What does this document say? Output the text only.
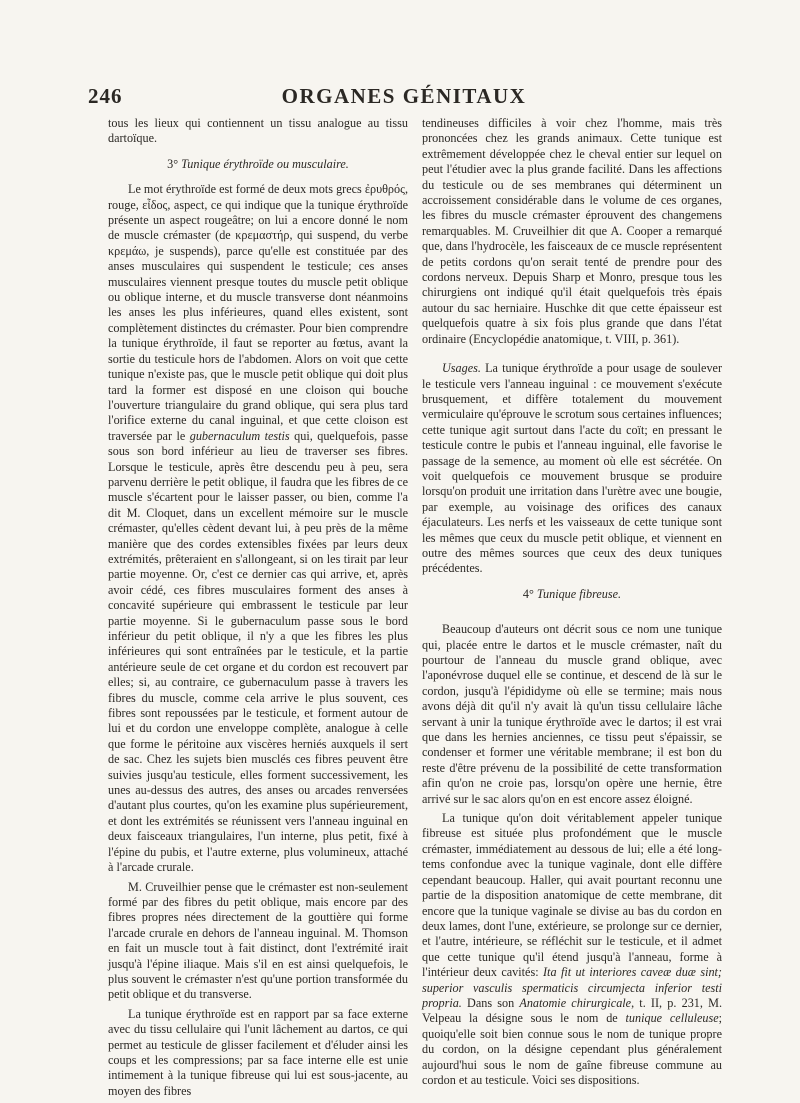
246	ORGANES GÉNITAUX

tous les lieux qui contiennent un tissu analogue au tissu dartoïque.

3° Tunique érythroïde ou musculaire.

Le mot érythroïde est formé de deux mots grecs ἐρυθρός, rouge, εἶδος, aspect, ce qui indique que la tunique érythroïde présente un aspect rougeâtre; on lui a encore donné le nom de muscle crémaster (de κρεμαστήρ, qui suspend, du verbe κρεμάω, je suspends), parce qu'elle est constituée par des anses musculaires qui suspendent le testicule; ces anses musculaires viennent presque toutes du muscle petit oblique ou oblique interne, et du muscle transverse dont néanmoins les anses les plus inférieures, quand elles existent, sont complètement distinctes du crémaster. Pour bien comprendre la tunique érythroïde, il faut se reporter au fœtus, avant la sortie du testicule hors de l'abdomen. Alors on voit que cette tunique n'existe pas, que le muscle petit oblique qui doit plus tard la former est disposé en une cloison qui bouche l'ouverture triangulaire du grand oblique, qui sera plus tard l'orifice externe du canal inguinal, et que cette cloison est traversée par le gubernaculum testis qui, quelquefois, passe sous son bord inférieur au lieu de traverser ses fibres. Lorsque le testicule, après être descendu peu à peu, sera parvenu derrière le petit oblique, il faudra que les fibres de ce muscle s'écartent pour le laisser passer, ou bien, comme l'a dit M. Cloquet, dans un excellent mémoire sur le muscle crémaster, qu'elles cèdent devant lui, à peu près de la même manière que des cordes extensibles fixées par leurs deux extrémités, prêteraient en s'allongeant, si on les tirait par leur partie moyenne. Or, c'est ce dernier cas qui arrive, et, après avoir cédé, ces fibres musculaires forment des anses à concavité supérieure qui embrassent le testicule par leur partie moyenne. Si le gubernaculum passe sous le bord inférieur du petit oblique, il n'y a que les fibres les plus inférieures qui sont entraînées par le testicule, et la partie antérieure seule de cet organe et du cordon est recouvert par elles; si, au contraire, ce gubernaculum passe à travers les fibres du muscle, comme cela arrive le plus souvent, ces fibres sont repoussées par le testicule, et forment autour de lui et du cordon une enveloppe complète, analogue à celle que forme le péritoine aux viscères herniés auxquels il sert de sac. Chez les sujets bien musclés ces fibres peuvent être suivies jusqu'au testicule, elles forment successivement, les unes au-dessus des autres, des anses ou arcades renversées d'autant plus courtes, qu'on les examine plus supérieurement, et dont les extrémités se réunissent vers l'anneau inguinal en deux faisceaux triangulaires, l'un interne, plus petit, fixé à l'épine du pubis, et l'autre externe, plus volumineux, attaché à l'arcade crurale.

M. Cruveilhier pense que le crémaster est non-seulement formé par des fibres du petit oblique, mais encore par des fibres propres nées directement de la gouttière qui forme l'arcade crurale en dehors de l'anneau inguinal. M. Thomson en fait un muscle tout à fait distinct, dont l'extrémité irait jusqu'à l'épine iliaque. Mais s'il en est ainsi quelquefois, le plus souvent le crémaster n'est qu'une portion transformée du petit oblique et du transverse.

La tunique érythroïde est en rapport par sa face externe avec du tissu cellulaire qui l'unit lâchement au dartos, ce qui permet au testicule de glisser facilement et d'éluder ainsi les coups et les compressions; par sa face interne elle est unie intimement à la tunique fibreuse qui lui est sous-jacente, au moyen des fibres

tendineuses difficiles à voir chez l'homme, mais très prononcées chez les grands animaux. Cette tunique est extrêmement développée chez le cheval entier sur lequel on peut l'étudier avec la plus grande facilité. Dans les affections du testicule ou de ses membranes qui déterminent un accroissement considérable dans le volume de ces organes, les fibres du muscle crémaster éprouvent des changemens remarquables. M. Cruveilhier dit que A. Cooper a remarqué que, dans l'hydrocèle, les faisceaux de ce muscle représentent de petits cordons qu'on serait tenté de prendre pour des cordons nerveux. Depuis Sharp et Monro, presque tous les chirurgiens ont indiqué qu'il était quelquefois très épais autour du sac herniaire. Huschke dit que cette épaisseur est quelquefois quatre à six fois plus grande que dans l'état ordinaire (Encyclopédie anatomique, t. VIII, p. 361).

Usages. La tunique érythroïde a pour usage de soulever le testicule vers l'anneau inguinal : ce mouvement s'exécute brusquement, et diffère totalement du mouvement vermiculaire qu'éprouve le scrotum sous certaines influences; cette tunique agit surtout dans l'acte du coït; en pressant le testicule contre le pubis et l'anneau inguinal, elle favorise le passage de la semence, au moment où elle est sécrétée. On voit quelquefois ce mouvement brusque se produire lorsqu'on produit une irritation dans l'urètre avec une bougie, par exemple, au voisinage des orifices des canaux éjaculateurs. Les nerfs et les vaisseaux de cette tunique sont les mêmes que ceux du muscle petit oblique, et viennent en outre des mêmes sources que ceux des deux tuniques précédentes.

4° Tunique fibreuse.

Beaucoup d'auteurs ont décrit sous ce nom une tunique qui, placée entre le dartos et le muscle crémaster, naît du pourtour de l'anneau du muscle grand oblique, avec l'aponévrose duquel elle se continue, et descend de là sur le cordon, jusqu'à l'épididyme où elle se termine; mais nous avons déjà dit qu'il n'y avait là qu'un tissu cellulaire lâche servant à unir la tunique érythroïde avec le dartos; il est vrai que dans les hernies anciennes, ce tissu peut s'épaissir, se condenser et former une véritable membrane; il est bon du reste d'être prévenu de la possibilité de cette transformation afin qu'on ne croie pas, lorsqu'on opère une hernie, être arrivé sur le sac alors qu'on en est encore assez éloigné.

La tunique qu'on doit véritablement appeler tunique fibreuse est située plus profondément que le muscle crémaster, immédiatement au dessous de lui; elle a été long-tems confondue avec la tunique vaginale, dont elle diffère cependant beaucoup. Haller, qui avait pourtant reconnu une partie de la disposition anatomique de cette membrane, dit encore que la tunique vaginale se divise au bas du cordon en deux lames, dont l'une, extérieure, se prolonge sur ce dernier, et l'autre, intérieure, se réfléchit sur le testicule, et il admet que cette tunique qu'il étend jusqu'à l'anneau, forme à l'intérieur deux cavités: Ita fit ut interiores caveæ duæ sint; superior vasculis spermaticis circumjecta inferior testi propria. Dans son Anatomie chirurgicale, t. II, p. 231, M. Velpeau la désigne sous le nom de tunique celluleuse; quoiqu'elle soit bien connue sous le nom de tunique propre du cordon, on la désigne cependant plus généralement aujourd'hui sous le nom de gaîne fibreuse commune au cordon et au testicule. Voici ses dispositions.
